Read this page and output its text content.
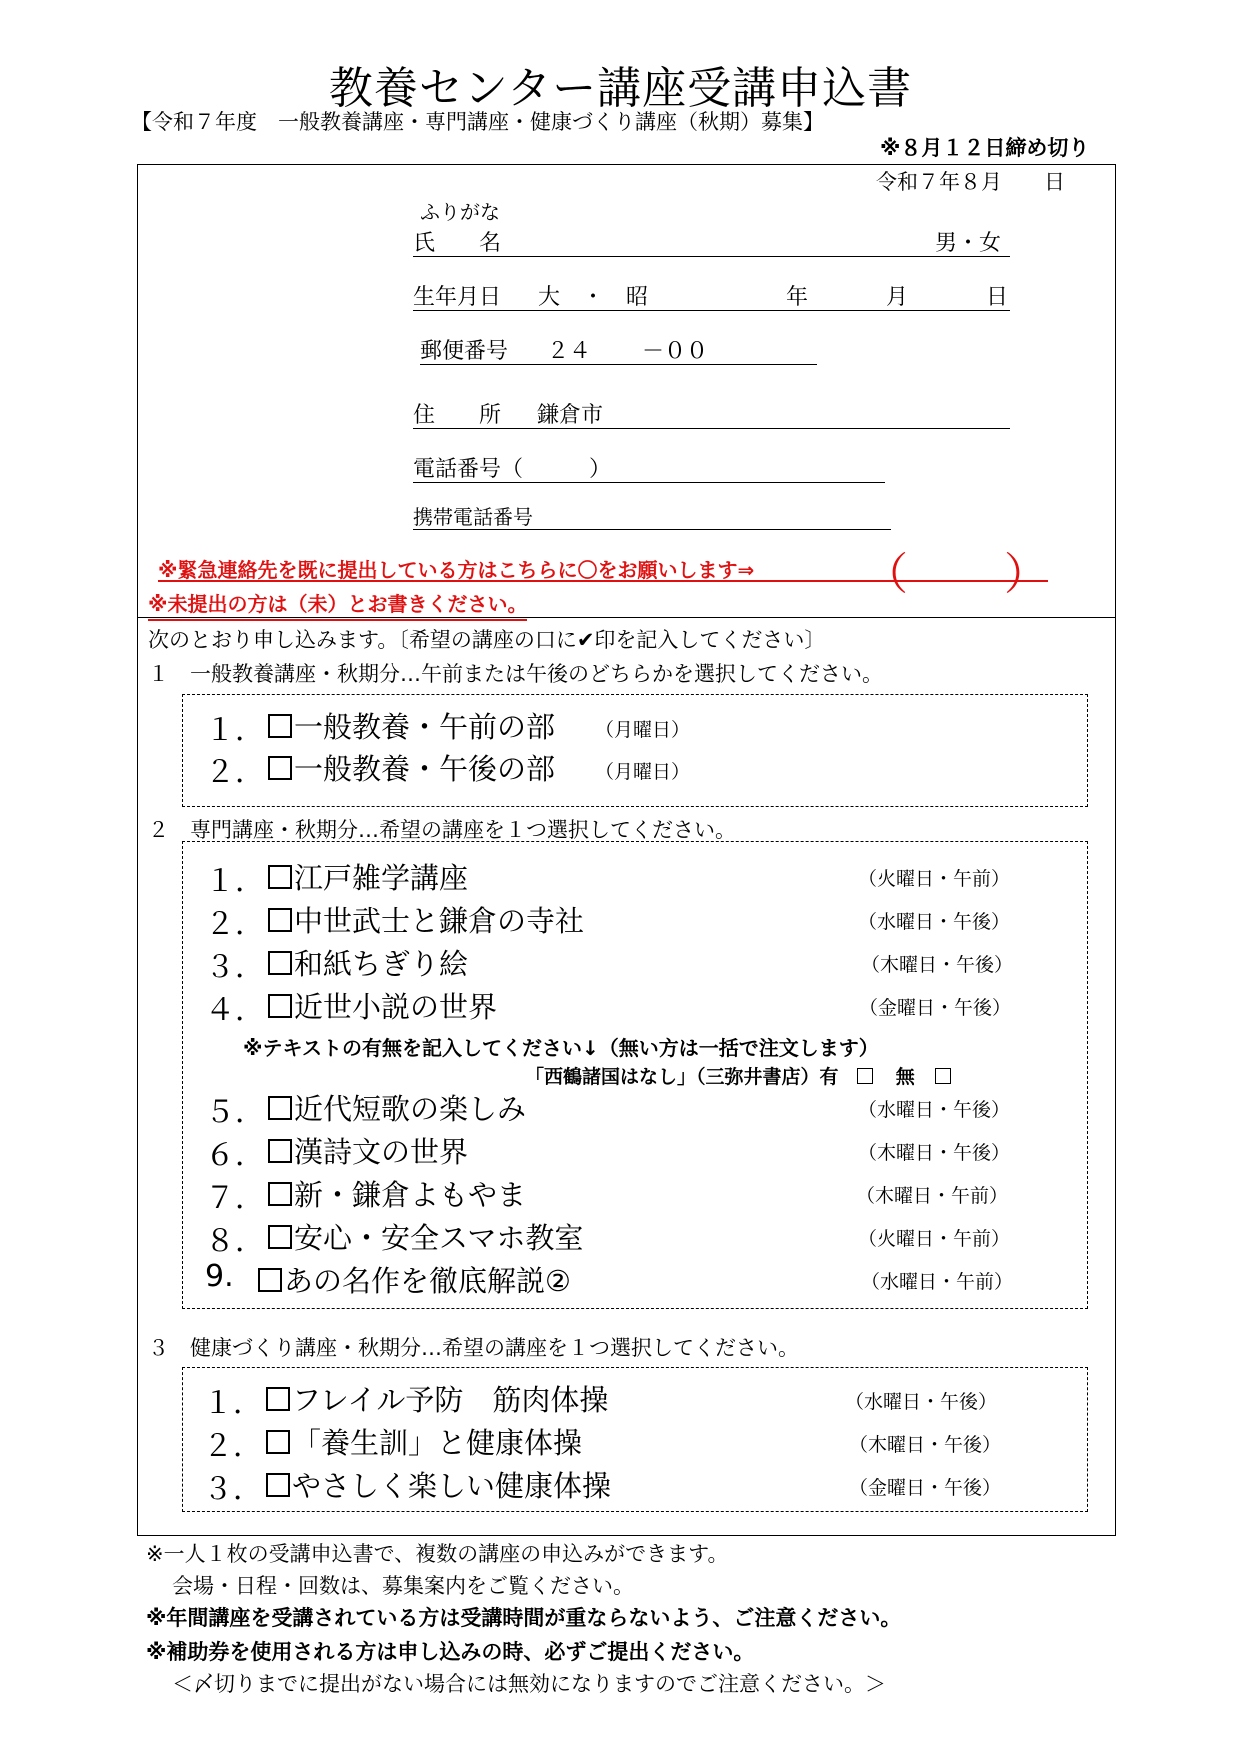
教養センター講座受講申込書
【令和７年度　一般教養講座・専門講座・健康づくり講座（秋期）募集】
※８月１２日締め切り
令和７年８月　　日
ふりがな
氏　　名	男・女
生年月日 大　・　昭	年	月	日
郵便番号 ２４　　 －００
住　　所 鎌倉市
電話番号（　　　）
携帯電話番号
※緊急連絡先を既に提出している方はこちらに〇をお願いします⇒ （ ）
※未提出の方は（未）とお書きください。
次のとおり申し込みます。〔希望の講座の口に✔印を記入してください〕
１　一般教養講座・秋期分…午前または午後のどちらかを選択してください。
１．	一般教養・午前の部 （月曜日）
２．	一般教養・午後の部 （月曜日）
２　専門講座・秋期分…希望の講座を１つ選択してください。
１．	江戸雑学講座	（火曜日・午前）
２．	中世武士と鎌倉の寺社	（水曜日・午後）
３．	和紙ちぎり絵	（木曜日・午後）
４．	近世小説の世界	（金曜日・午後）
※テキストの有無を記入してください↓（無い方は一括で注文します）
「西鶴諸国はなし」（三弥井書店）有	無
５．	近代短歌の楽しみ	（水曜日・午後）
６．	漢詩文の世界	（木曜日・午後）
７．	新・鎌倉よもやま	（木曜日・午前）
８．	安心・安全スマホ教室	（火曜日・午前）
9.	あの名作を徹底解説②	（水曜日・午前）
３　健康づくり講座・秋期分…希望の講座を１つ選択してください。
１．	フレイル予防　筋肉体操	（水曜日・午後）
２．	「養生訓」と健康体操	（木曜日・午後）
３．	やさしく楽しい健康体操	（金曜日・午後）
※一人１枚の受講申込書で、複数の講座の申込みができます。
会場・日程・回数は、募集案内をご覧ください。
※年間講座を受講されている方は受講時間が重ならないよう、ご注意ください。
※補助券を使用される方は申し込みの時、必ずご提出ください。
＜〆切りまでに提出がない場合には無効になりますのでご注意ください。＞
